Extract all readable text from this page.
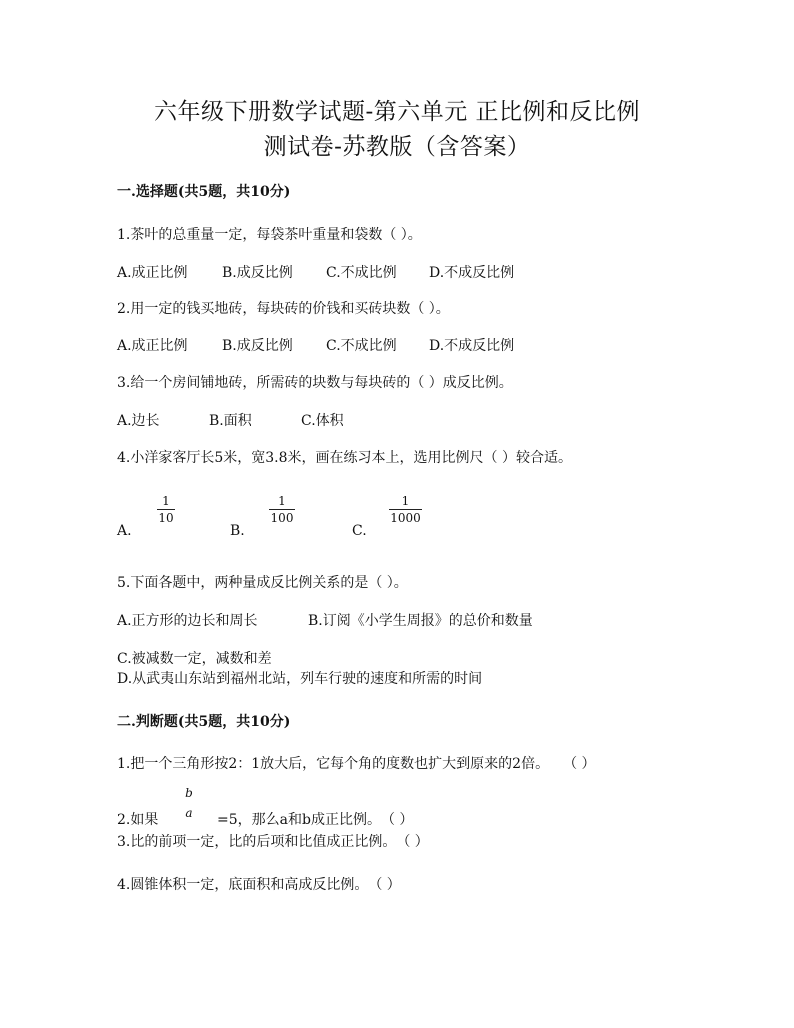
六年级下册数学试题-第六单元 正比例和反比例
测试卷-苏教版（含答案）
一.选择题(共5题，共10分)
1.茶叶的总重量一定，每袋茶叶重量和袋数（ ）。
A.成正比例 B.成反比例 C.不成比例 D.不成反比例
2.用一定的钱买地砖，每块砖的价钱和买砖块数（ ）。
A.成正比例 B.成反比例 C.不成比例 D.不成反比例
3.给一个房间铺地砖，所需砖的块数与每块砖的（ ）成反比例。
A.边长	B.面积	C.体积
4.小洋家客厅长5米，宽3.8米，画在练习本上，选用比例尺（ ）较合适。
A.
1
10
B.
1
100
C.
1
1000
5.下面各题中，两种量成反比例关系的是（ ）。
A.正方形的边长和周长	B.订阅《小学生周报》的总价和数量
C.被减数一定，减数和差
D.从武夷山东站到福州北站，列车行驶的速度和所需的时间
二.判断题(共5题，共10分)
1.把一个三角形按2：1放大后，它每个角的度数也扩大到原来的2倍。　　（ ）
2.如果
b
a =5，那么a和b成正比例。　（ ）
3.比的前项一定，比的后项和比值成正比例。　（ ）
4.圆锥体积一定，底面积和高成反比例。　（ ）
